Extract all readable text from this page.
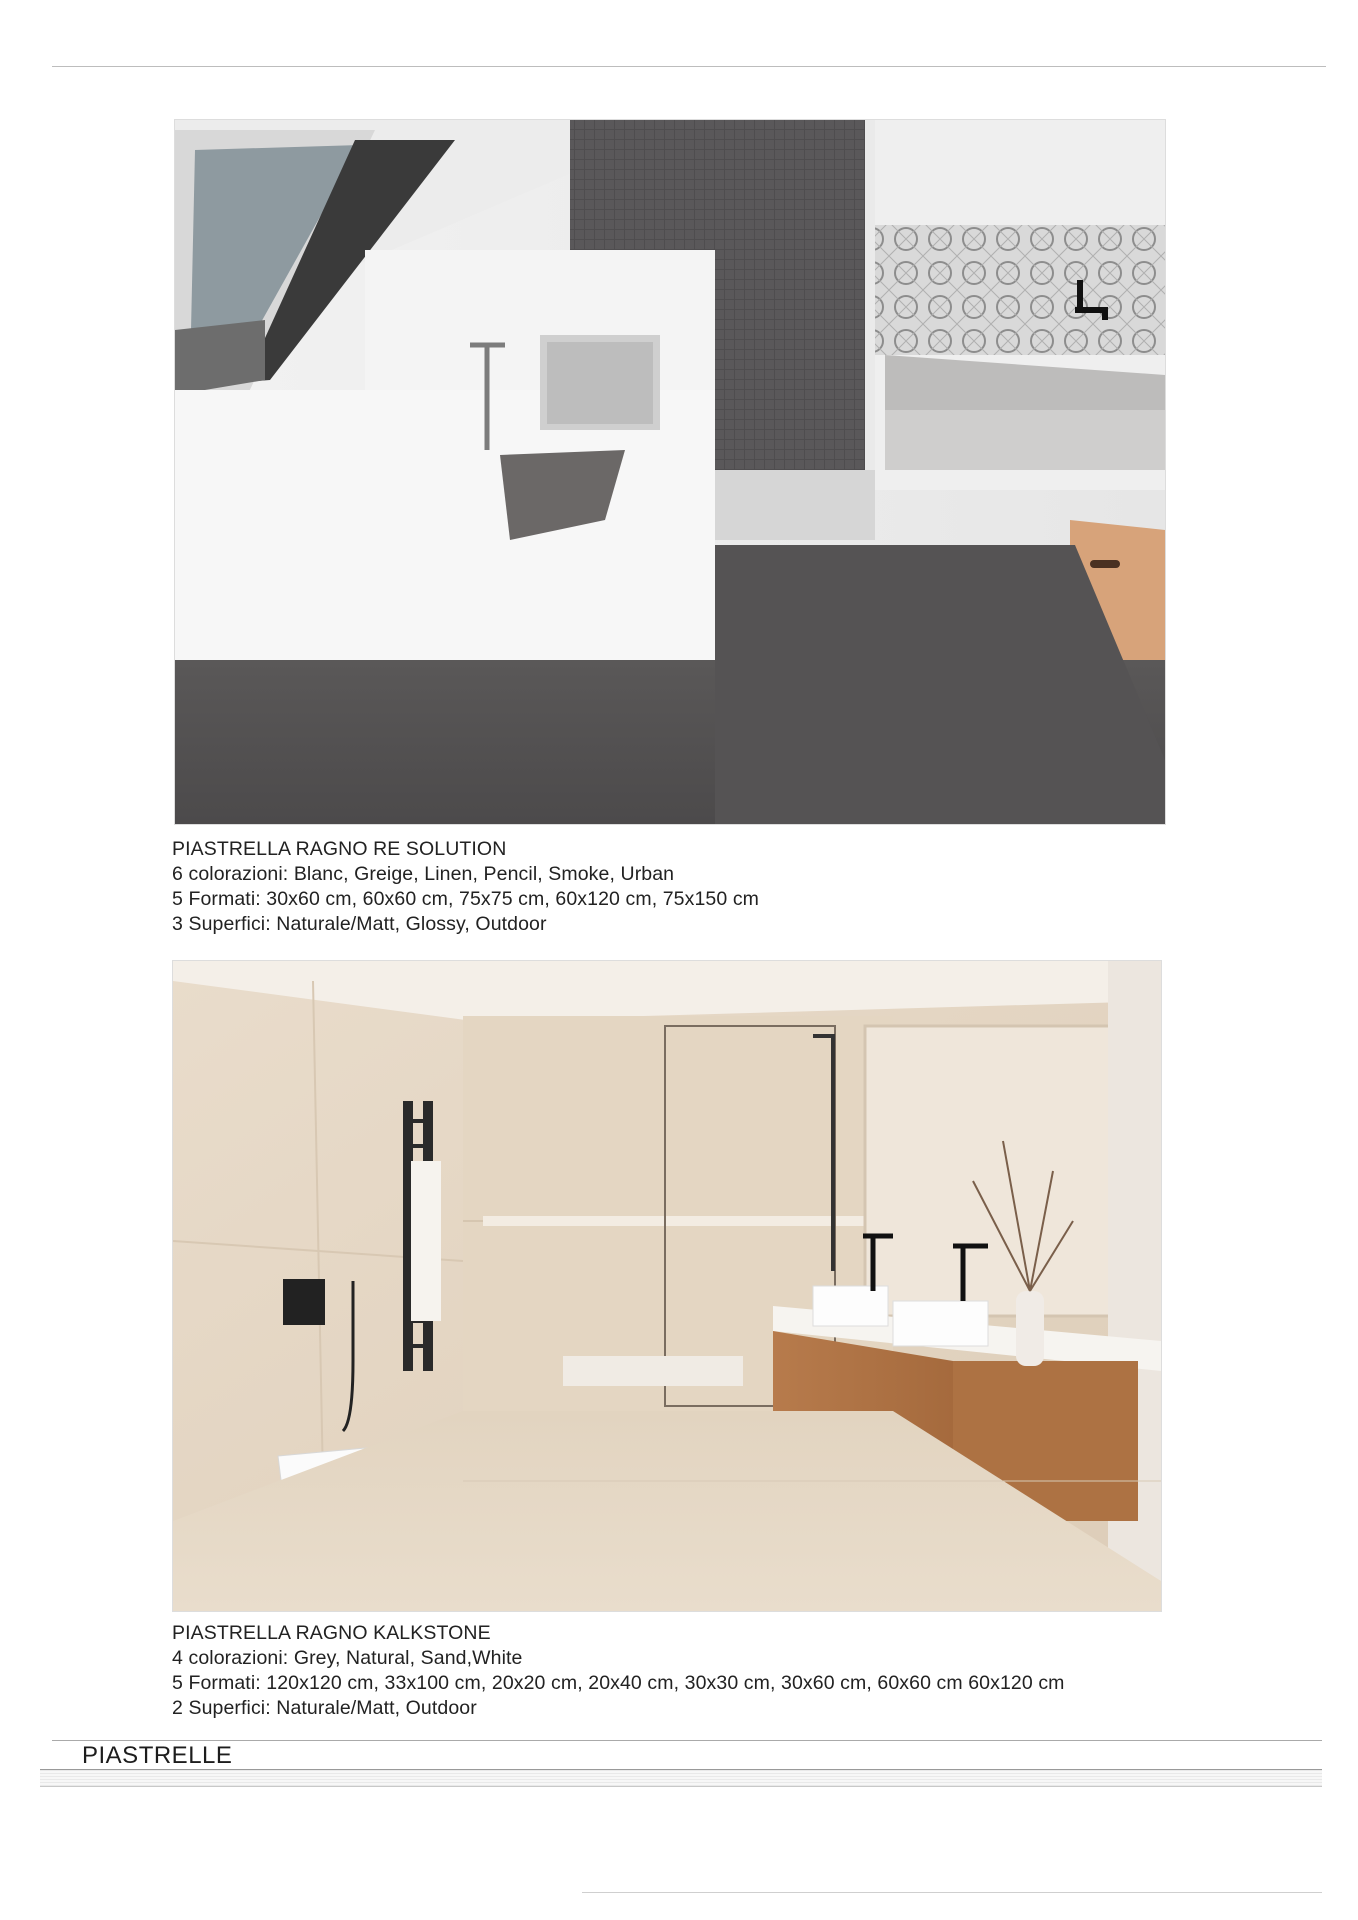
PIASTRELLA RAGNO RE SOLUTION
6 colorazioni: Blanc, Greige, Linen, Pencil, Smoke, Urban
5 Formati: 30x60 cm, 60x60 cm, 75x75 cm, 60x120 cm, 75x150 cm
3 Superfici: Naturale/Matt, Glossy, Outdoor
PIASTRELLA RAGNO KALKSTONE
4 colorazioni: Grey, Natural, Sand,White
5 Formati: 120x120 cm, 33x100 cm, 20x20 cm, 20x40 cm, 30x30 cm, 30x60 cm, 60x60 cm 60x120 cm
2 Superfici: Naturale/Matt, Outdoor
PIASTRELLE
